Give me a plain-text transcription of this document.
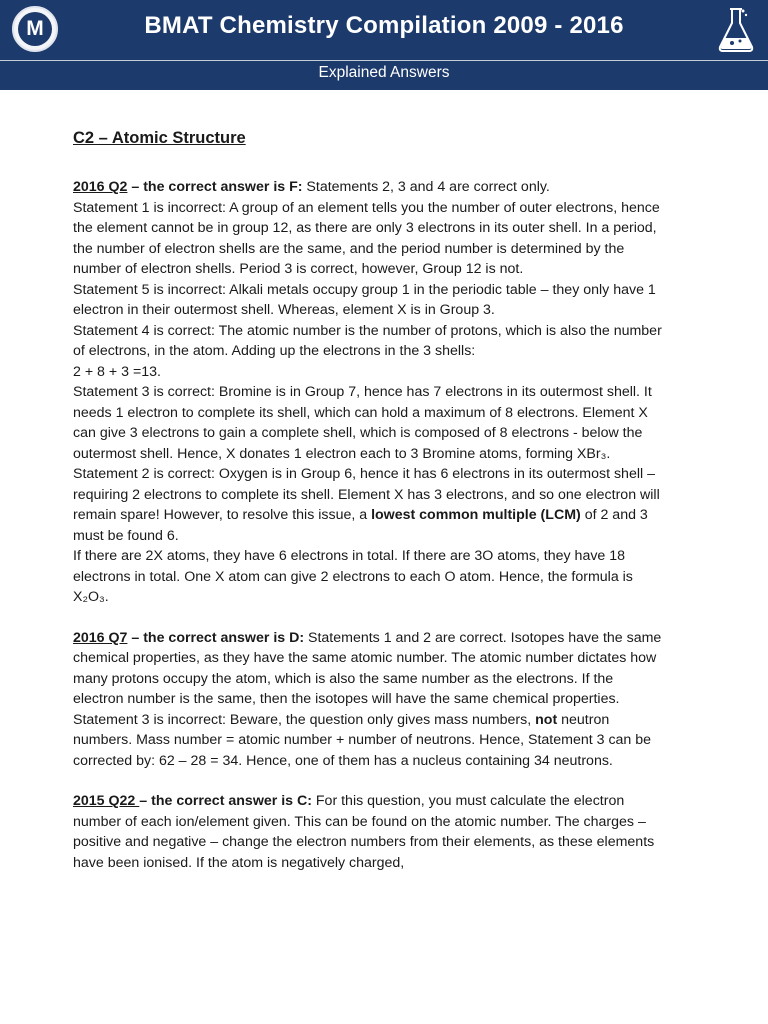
M	BMAT Chemistry Compilation 2009 - 2016
Explained Answers
C2 – Atomic Structure

2016 Q2 – the correct answer is F: Statements 2, 3 and 4 are correct only.
Statement 1 is incorrect: A group of an element tells you the number of outer electrons, hence the element cannot be in group 12, as there are only 3 electrons in its outer shell. In a period, the number of electron shells are the same, and the period number is determined by the number of electron shells. Period 3 is correct, however, Group 12 is not.
Statement 5 is incorrect: Alkali metals occupy group 1 in the periodic table – they only have 1 electron in their outermost shell. Whereas, element X is in Group 3.
Statement 4 is correct: The atomic number is the number of protons, which is also the number of electrons, in the atom. Adding up the electrons in the 3 shells:
2 + 8 + 3 =13.
Statement 3 is correct: Bromine is in Group 7, hence has 7 electrons in its outermost shell. It needs 1 electron to complete its shell, which can hold a maximum of 8 electrons. Element X can give 3 electrons to gain a complete shell, which is composed of 8 electrons - below the outermost shell. Hence, X donates 1 electron each to 3 Bromine atoms, forming XBr₃.
Statement 2 is correct: Oxygen is in Group 6, hence it has 6 electrons in its outermost shell – requiring 2 electrons to complete its shell. Element X has 3 electrons, and so one electron will remain spare! However, to resolve this issue, a lowest common multiple (LCM) of 2 and 3 must be found 6.
If there are 2X atoms, they have 6 electrons in total. If there are 3O atoms, they have 18 electrons in total. One X atom can give 2 electrons to each O atom. Hence, the formula is X₂O₃.

2016 Q7 – the correct answer is D: Statements 1 and 2 are correct. Isotopes have the same chemical properties, as they have the same atomic number. The atomic number dictates how many protons occupy the atom, which is also the same number as the electrons. If the electron number is the same, then the isotopes will have the same chemical properties. Statement 3 is incorrect: Beware, the question only gives mass numbers, not neutron numbers. Mass number = atomic number + number of neutrons. Hence, Statement 3 can be corrected by: 62 – 28 = 34. Hence, one of them has a nucleus containing 34 neutrons.

2015 Q22 – the correct answer is C: For this question, you must calculate the electron number of each ion/element given. This can be found on the atomic number. The charges – positive and negative – change the electron numbers from their elements, as these elements have been ionised. If the atom is negatively charged,
